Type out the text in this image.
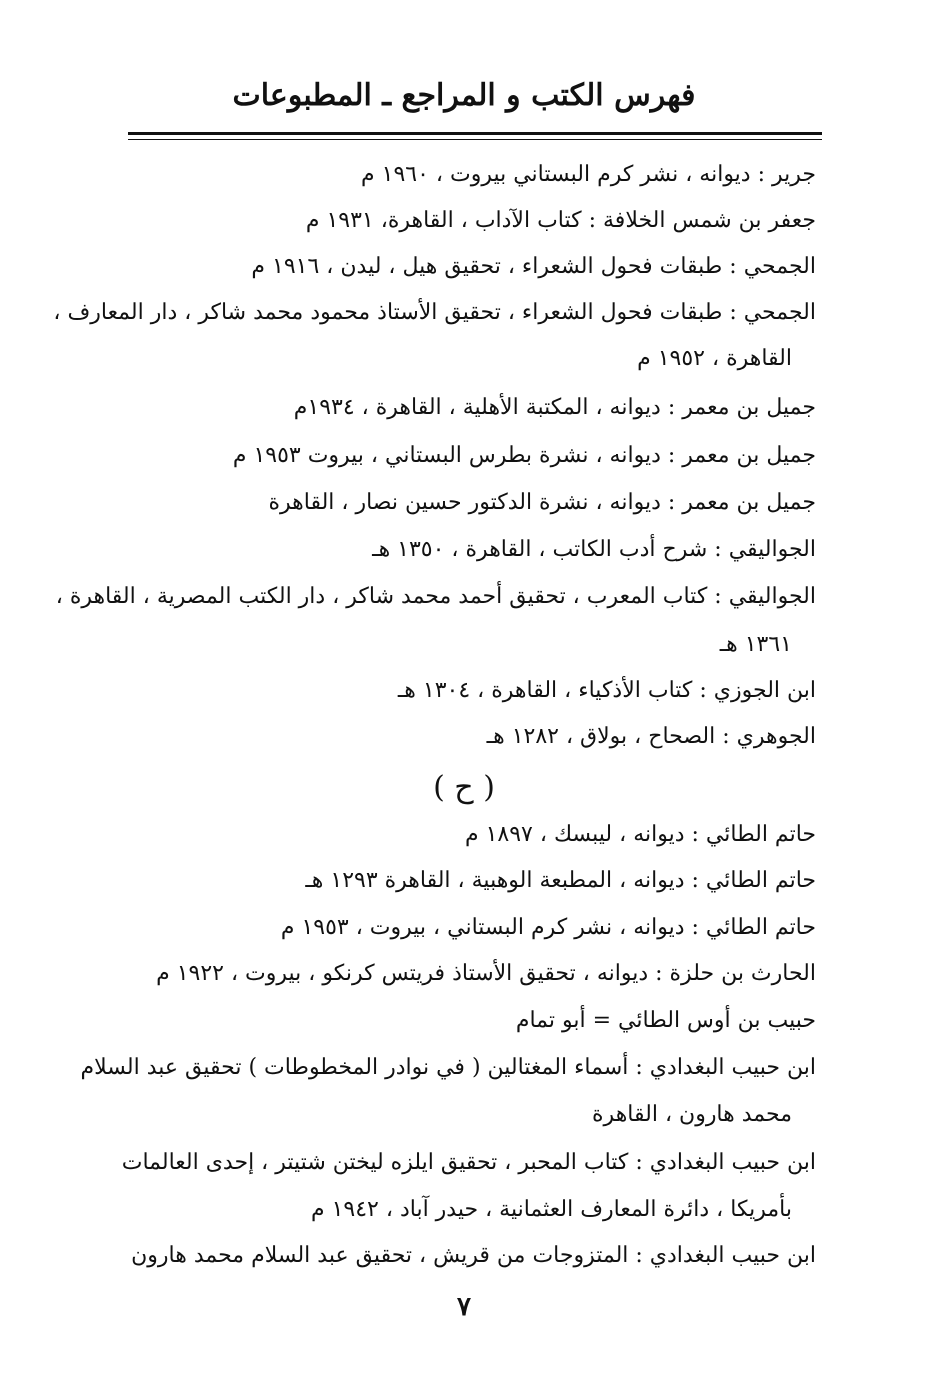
فهرس الكتب و المراجع ـ المطبوعات
جرير : ديوانه ، نشر كرم البستاني بيروت ، ١٩٦٠ م
جعفر بن شمس الخلافة : كتاب الآداب ، القاهرة، ١٩٣١ م
الجمحي : طبقات فحول الشعراء ، تحقيق هيل ، ليدن ، ١٩١٦ م
الجمحي : طبقات فحول الشعراء ، تحقيق الأستاذ محمود محمد شاكر ، دار المعارف ،
القاهرة ، ١٩٥٢ م
جميل بن معمر : ديوانه ، المكتبة الأهلية ، القاهرة ، ١٩٣٤م
جميل بن معمر : ديوانه ، نشرة بطرس البستاني ، بيروت ١٩٥٣ م
جميل بن معمر : ديوانه ، نشرة الدكتور حسين نصار ، القاهرة
الجواليقي : شرح أدب الكاتب ، القاهرة ، ١٣٥٠ هـ
الجواليقي : كتاب المعرب ، تحقيق أحمد محمد شاكر ، دار الكتب المصرية ، القاهرة ،
١٣٦١ هـ
ابن الجوزي : كتاب الأذكياء ، القاهرة ، ١٣٠٤ هـ
الجوهري : الصحاح ، بولاق ، ١٢٨٢ هـ
( ح )
حاتم الطائي : ديوانه ، ليبسك ، ١٨٩٧ م
حاتم الطائي : ديوانه ، المطبعة الوهبية ، القاهرة ١٢٩٣ هـ
حاتم الطائي : ديوانه ، نشر كرم البستاني ، بيروت ، ١٩٥٣ م
الحارث بن حلزة : ديوانه ، تحقيق الأستاذ فريتس كرنكو ، بيروت ، ١٩٢٢ م
حبيب بن أوس الطائي = أبو تمام
ابن حبيب البغدادي : أسماء المغتالين ( في نوادر المخطوطات ) تحقيق عبد السلام
محمد هارون ، القاهرة
ابن حبيب البغدادي : كتاب المحبر ، تحقيق ايلزه ليختن شتيتر ، إحدى العالمات
بأمريكا ، دائرة المعارف العثمانية ، حيدر آباد ، ١٩٤٢ م
ابن حبيب البغدادي : المتزوجات من قريش ، تحقيق عبد السلام محمد هارون
٧
